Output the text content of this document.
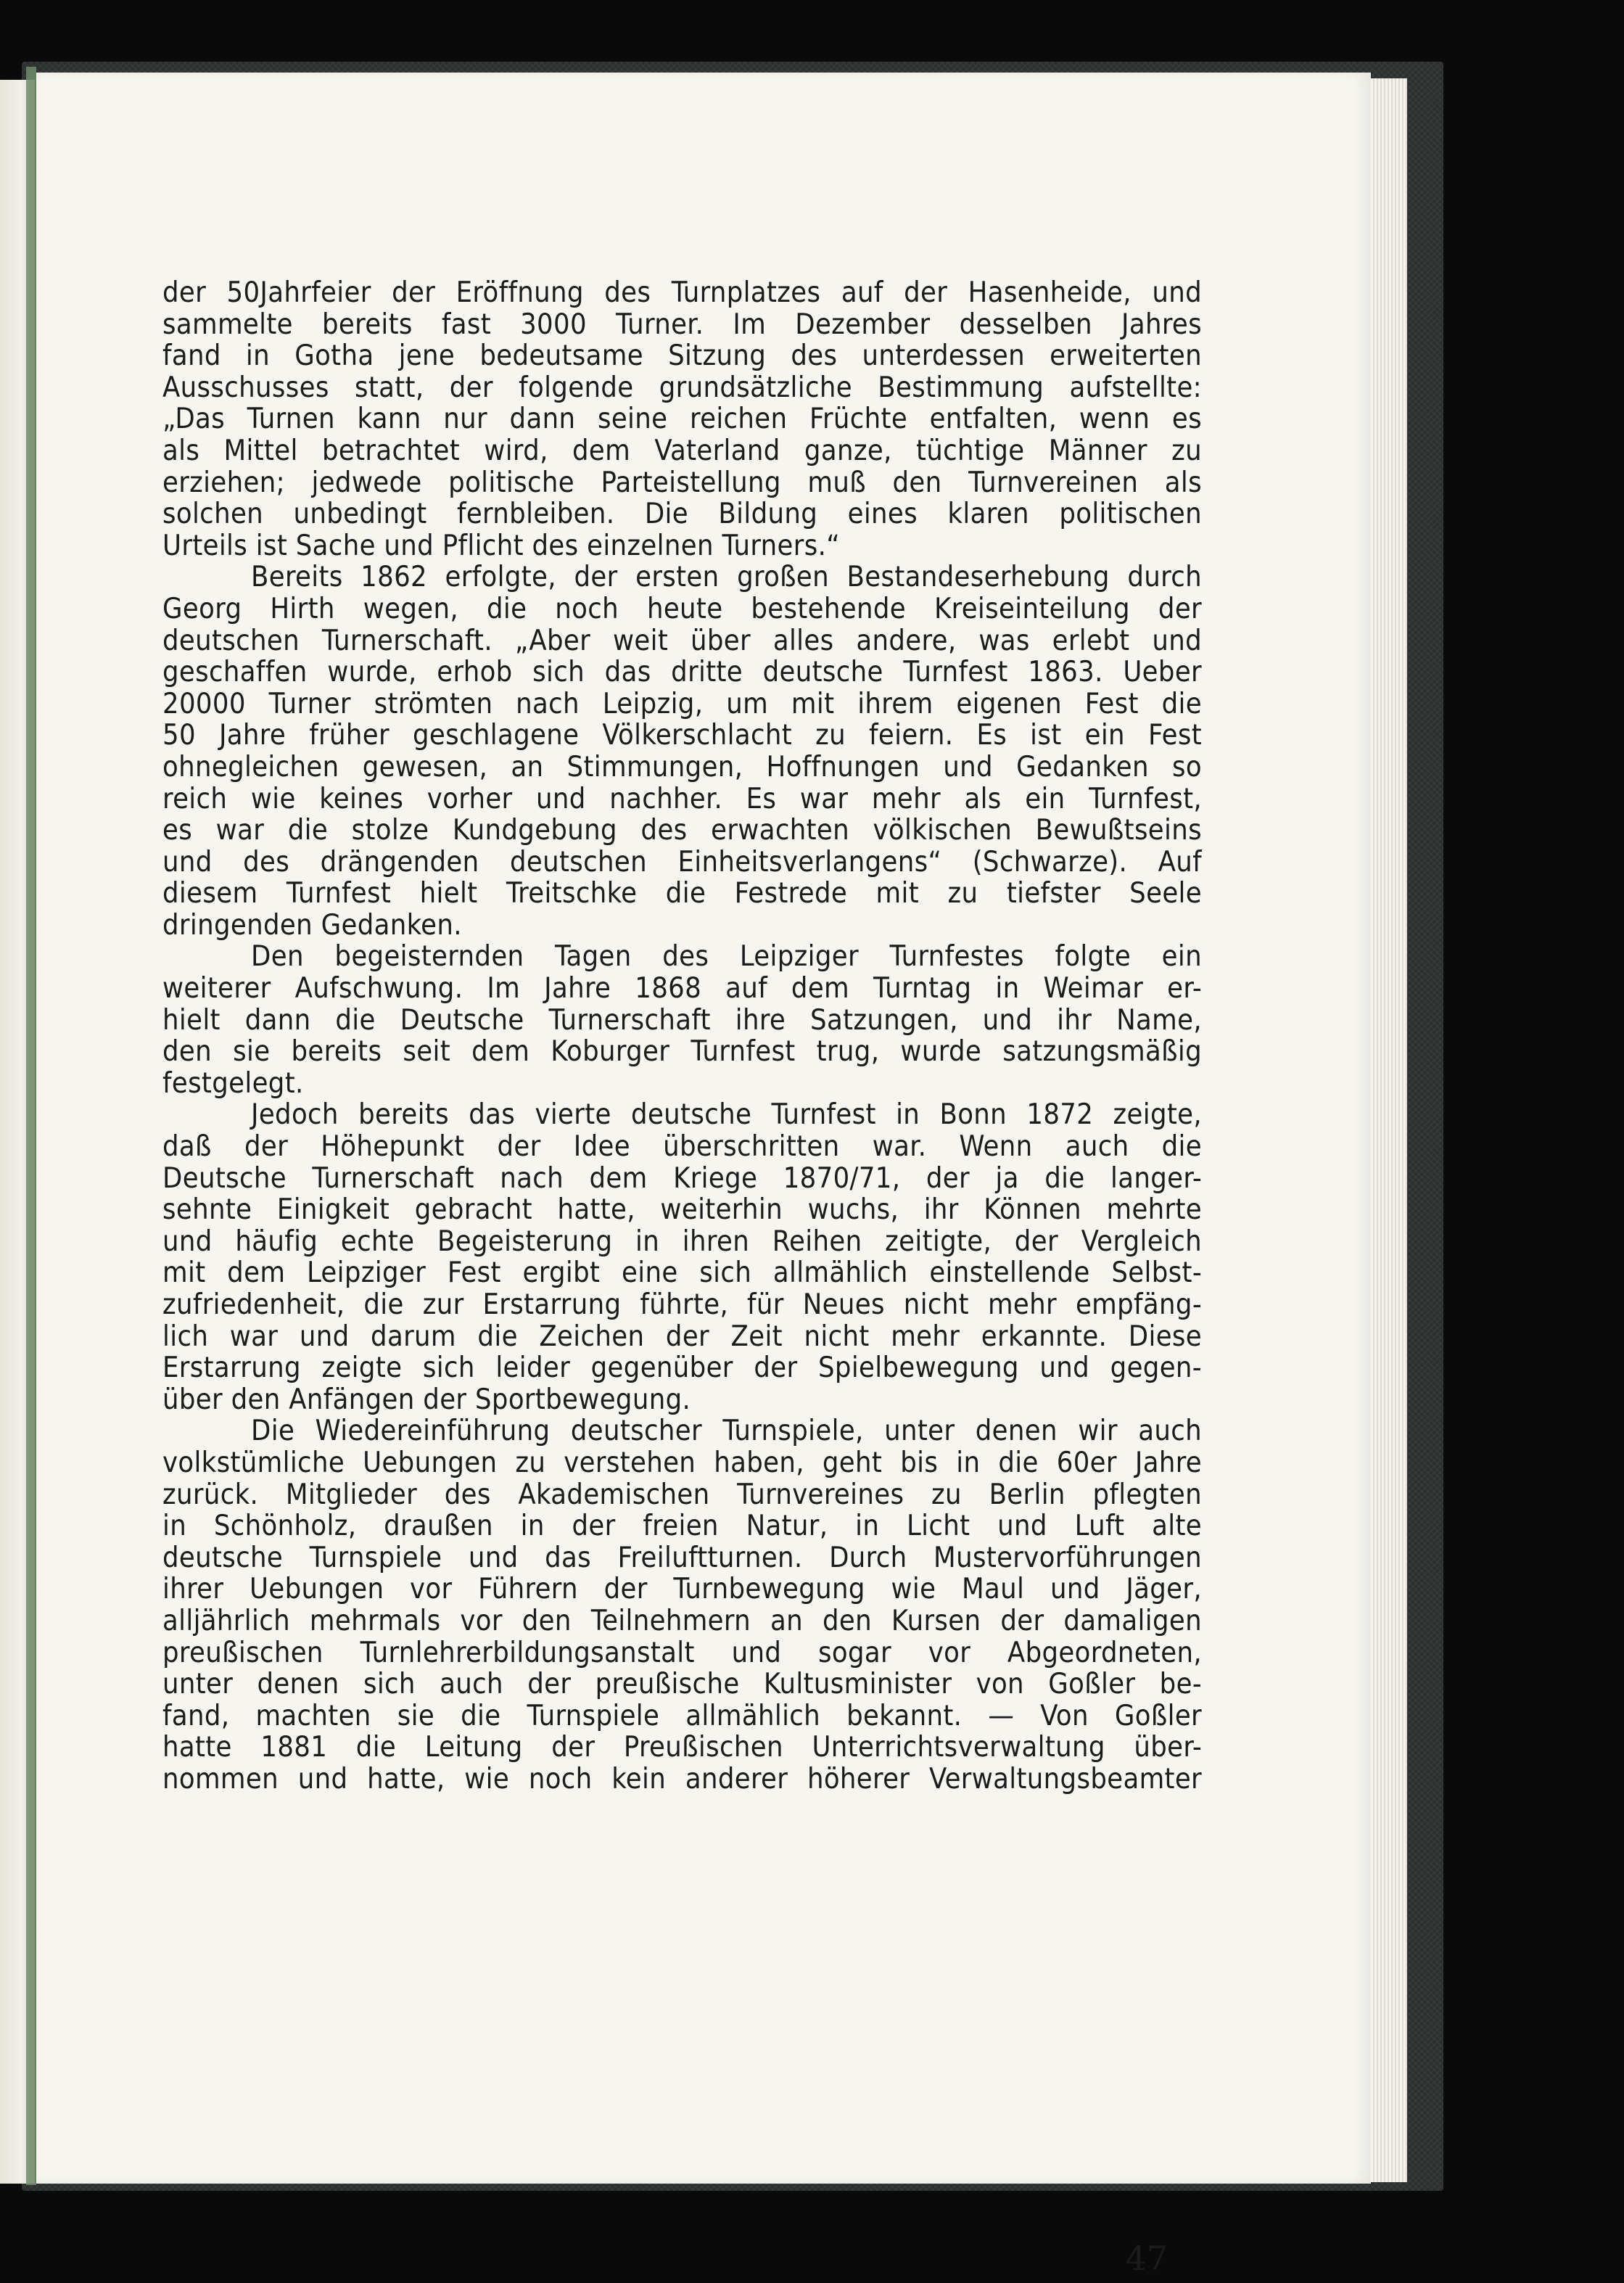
der 50Jahrfeier der Eröffnung des Turnplatzes auf der Hasenheide, und
sammelte bereits fast 3000 Turner. Im Dezember desselben Jahres
fand in Gotha jene bedeutsame Sitzung des unterdessen erweiterten
Ausschusses statt, der folgende grundsätzliche Bestimmung aufstellte:
„Das Turnen kann nur dann seine reichen Früchte entfalten, wenn es
als Mittel betrachtet wird, dem Vaterland ganze, tüchtige Männer zu
erziehen; jedwede politische Parteistellung muß den Turnvereinen als
solchen unbedingt fernbleiben. Die Bildung eines klaren politischen
Urteils ist Sache und Pflicht des einzelnen Turners.“
Bereits 1862 erfolgte, der ersten großen Bestandeserhebung durch
Georg Hirth wegen, die noch heute bestehende Kreiseinteilung der
deutschen Turnerschaft. „Aber weit über alles andere, was erlebt und
geschaffen wurde, erhob sich das dritte deutsche Turnfest 1863. Ueber
20000 Turner strömten nach Leipzig, um mit ihrem eigenen Fest die
50 Jahre früher geschlagene Völkerschlacht zu feiern. Es ist ein Fest
ohnegleichen gewesen, an Stimmungen, Hoffnungen und Gedanken so
reich wie keines vorher und nachher. Es war mehr als ein Turnfest,
es war die stolze Kundgebung des erwachten völkischen Bewußtseins
und des drängenden deutschen Einheitsverlangens“ (Schwarze). Auf
diesem Turnfest hielt Treitschke die Festrede mit zu tiefster Seele
dringenden Gedanken.
Den begeisternden Tagen des Leipziger Turnfestes folgte ein
weiterer Aufschwung. Im Jahre 1868 auf dem Turntag in Weimar er-
hielt dann die Deutsche Turnerschaft ihre Satzungen, und ihr Name,
den sie bereits seit dem Koburger Turnfest trug, wurde satzungsmäßig
festgelegt.
Jedoch bereits das vierte deutsche Turnfest in Bonn 1872 zeigte,
daß der Höhepunkt der Idee überschritten war. Wenn auch die
Deutsche Turnerschaft nach dem Kriege 1870/71, der ja die langer-
sehnte Einigkeit gebracht hatte, weiterhin wuchs, ihr Können mehrte
und häufig echte Begeisterung in ihren Reihen zeitigte, der Vergleich
mit dem Leipziger Fest ergibt eine sich allmählich einstellende Selbst-
zufriedenheit, die zur Erstarrung führte, für Neues nicht mehr empfäng-
lich war und darum die Zeichen der Zeit nicht mehr erkannte. Diese
Erstarrung zeigte sich leider gegenüber der Spielbewegung und gegen-
über den Anfängen der Sportbewegung.
Die Wiedereinführung deutscher Turnspiele, unter denen wir auch
volkstümliche Uebungen zu verstehen haben, geht bis in die 60er Jahre
zurück. Mitglieder des Akademischen Turnvereines zu Berlin pflegten
in Schönholz, draußen in der freien Natur, in Licht und Luft alte
deutsche Turnspiele und das Freiluftturnen. Durch Mustervorführungen
ihrer Uebungen vor Führern der Turnbewegung wie Maul und Jäger,
alljährlich mehrmals vor den Teilnehmern an den Kursen der damaligen
preußischen Turnlehrerbildungsanstalt und sogar vor Abgeordneten,
unter denen sich auch der preußische Kultusminister von Goßler be-
fand, machten sie die Turnspiele allmählich bekannt. — Von Goßler
hatte 1881 die Leitung der Preußischen Unterrichtsverwaltung über-
nommen und hatte, wie noch kein anderer höherer Verwaltungsbeamter
47
